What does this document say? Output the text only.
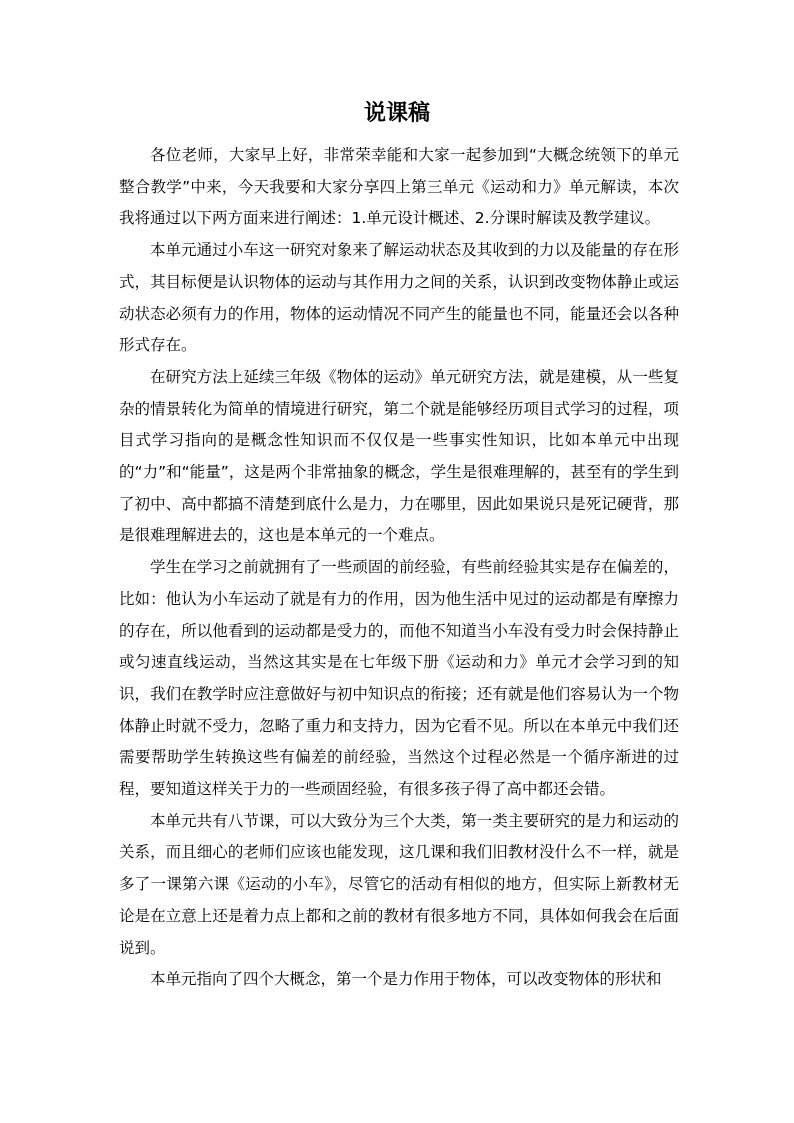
说课稿

各位老师，大家早上好，非常荣幸能和大家一起参加到“大概念统领下的单元整合教学”中来，今天我要和大家分享四上第三单元《运动和力》单元解读，本次我将通过以下两方面来进行阐述：1.单元设计概述、2.分课时解读及教学建议。

本单元通过小车这一研究对象来了解运动状态及其收到的力以及能量的存在形式，其目标便是认识物体的运动与其作用力之间的关系，认识到改变物体静止或运动状态必须有力的作用，物体的运动情况不同产生的能量也不同，能量还会以各种形式存在。

在研究方法上延续三年级《物体的运动》单元研究方法，就是建模，从一些复杂的情景转化为简单的情境进行研究，第二个就是能够经历项目式学习的过程，项目式学习指向的是概念性知识而不仅仅是一些事实性知识，比如本单元中出现的“力”和“能量”，这是两个非常抽象的概念，学生是很难理解的，甚至有的学生到了初中、高中都搞不清楚到底什么是力，力在哪里，因此如果说只是死记硬背，那是很难理解进去的，这也是本单元的一个难点。

学生在学习之前就拥有了一些顽固的前经验，有些前经验其实是存在偏差的，比如：他认为小车运动了就是有力的作用，因为他生活中见过的运动都是有摩擦力的存在，所以他看到的运动都是受力的，而他不知道当小车没有受力时会保持静止或匀速直线运动，当然这其实是在七年级下册《运动和力》单元才会学习到的知识，我们在教学时应注意做好与初中知识点的衔接；还有就是他们容易认为一个物体静止时就不受力，忽略了重力和支持力，因为它看不见。所以在本单元中我们还需要帮助学生转换这些有偏差的前经验，当然这个过程必然是一个循序渐进的过程，要知道这样关于力的一些顽固经验，有很多孩子得了高中都还会错。

本单元共有八节课，可以大致分为三个大类，第一类主要研究的是力和运动的关系，而且细心的老师们应该也能发现，这几课和我们旧教材没什么不一样，就是多了一课第六课《运动的小车》，尽管它的活动有相似的地方，但实际上新教材无论是在立意上还是着力点上都和之前的教材有很多地方不同，具体如何我会在后面说到。

本单元指向了四个大概念，第一个是力作用于物体，可以改变物体的形状和
